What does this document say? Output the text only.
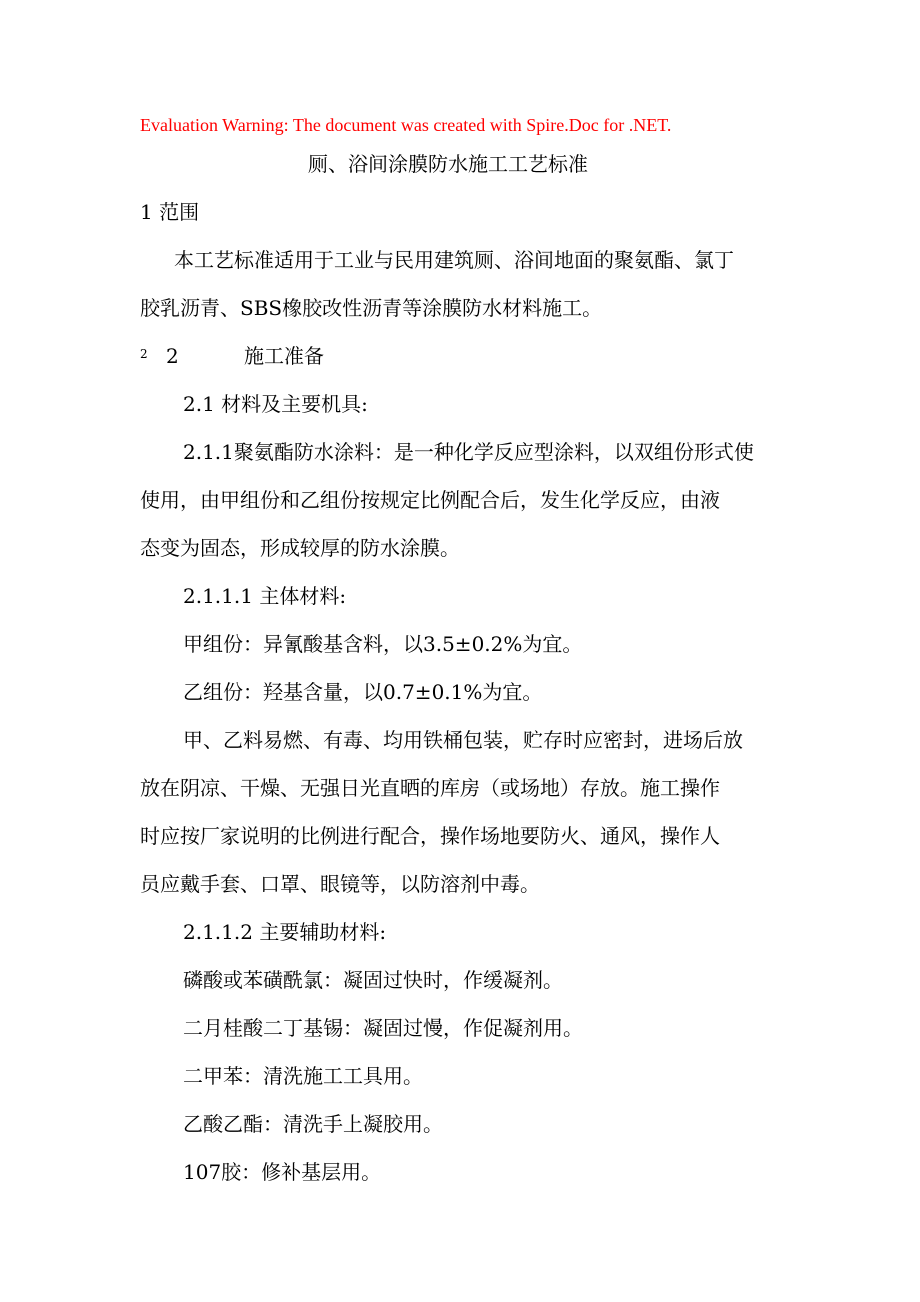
Evaluation Warning: The document was created with Spire.Doc for .NET.
厕、浴间涂膜防水施工工艺标准
1 范围
本工艺标准适用于工业与民用建筑厕、浴间地面的聚氨酯、氯丁
胶乳沥青、SBS橡胶改性沥青等涂膜防水材料施工。
2 2	施工准备
2.1 材料及主要机具:
2.1.1聚氨酯防水涂料：是一种化学反应型涂料，以双组份形式使
使用，由甲组份和乙组份按规定比例配合后，发生化学反应，由液
态变为固态，形成较厚的防水涂膜。
2.1.1.1 主体材料:
甲组份：异氰酸基含料，以3.5±0.2%为宜。
乙组份：羟基含量，以0.7±0.1%为宜。
甲、乙料易燃、有毒、均用铁桶包装，贮存时应密封，进场后放
放在阴凉、干燥、无强日光直晒的库房（或场地）存放。施工操作
时应按厂家说明的比例进行配合，操作场地要防火、通风，操作人
员应戴手套、口罩、眼镜等，以防溶剂中毒。
2.1.1.2 主要辅助材料:
磷酸或苯磺酰氯：凝固过快时，作缓凝剂。
二月桂酸二丁基锡：凝固过慢，作促凝剂用。
二甲苯：清洗施工工具用。
乙酸乙酯：清洗手上凝胶用。
107胶：修补基层用。
